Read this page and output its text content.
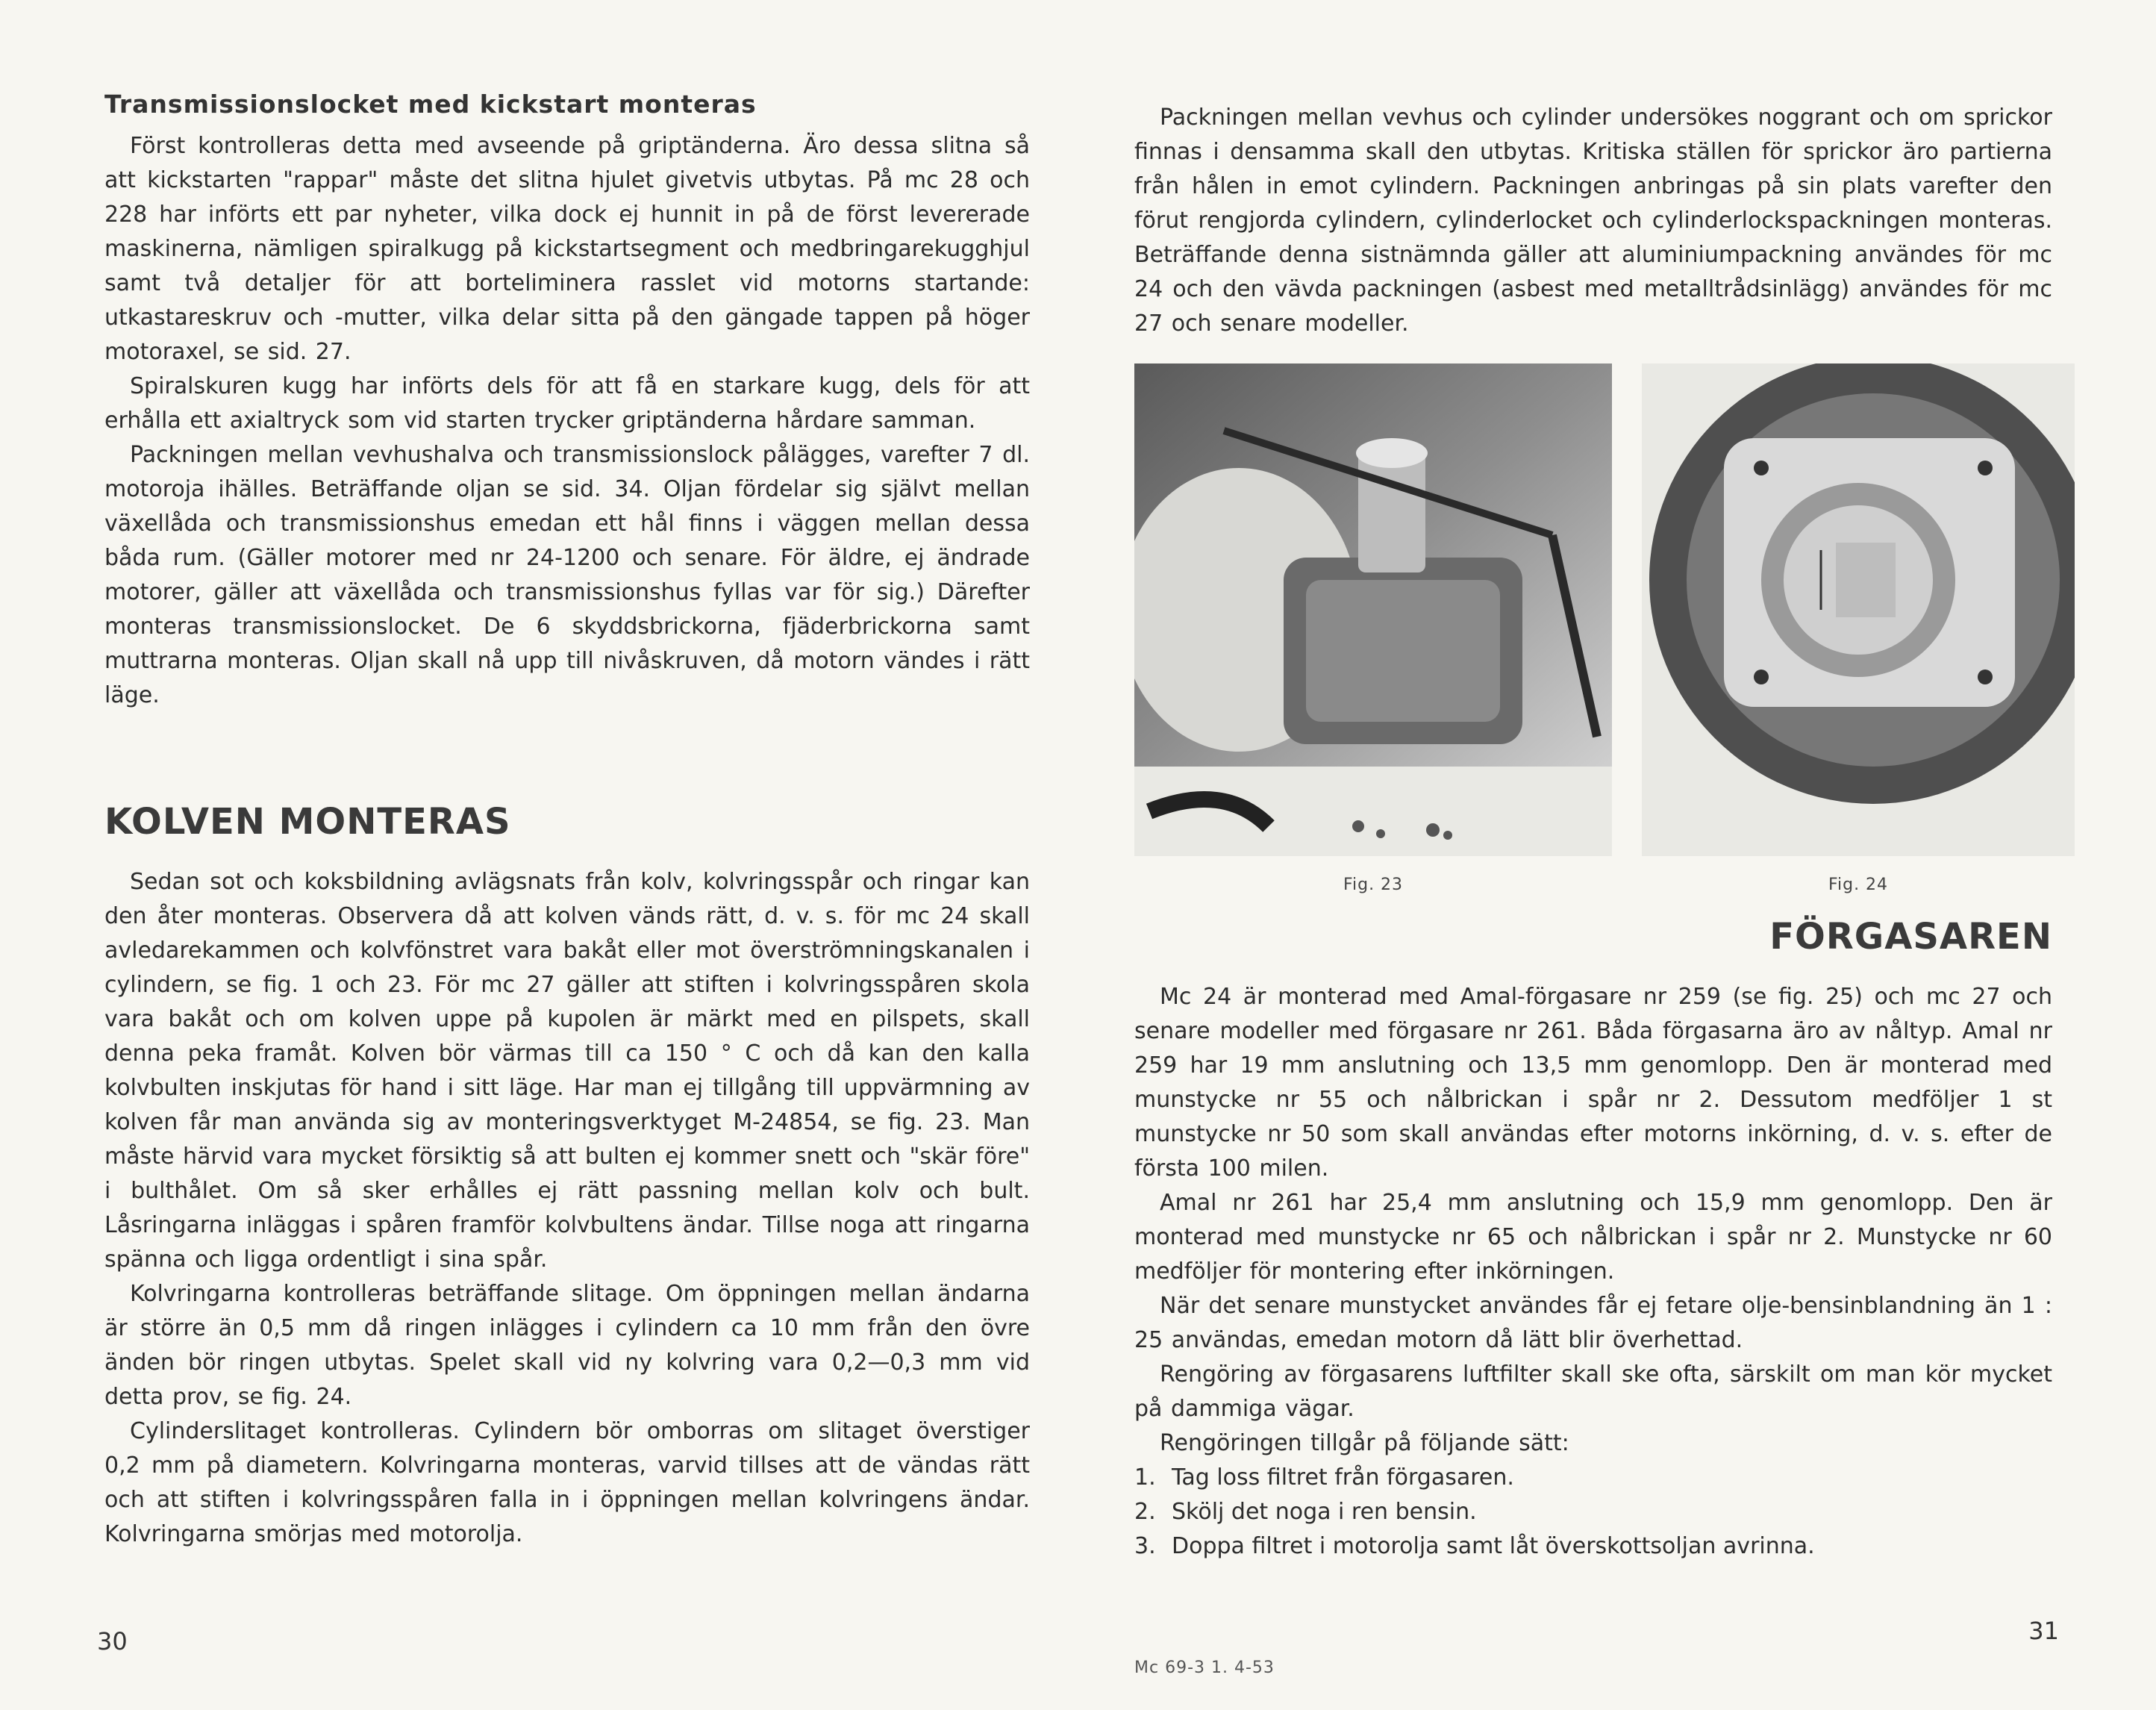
Transmissionslocket med kickstart monteras

Först kontrolleras detta med avseende på griptänderna. Äro dessa slitna så att kickstarten "rappar" måste det slitna hjulet givetvis utbytas. På mc 28 och 228 har införts ett par nyheter, vilka dock ej hunnit in på de först levererade maskinerna, nämligen spiralkugg på kickstartsegment och medbringarekugghjul samt två detaljer för att borteliminera rasslet vid motorns startande: utkastareskruv och -mutter, vilka delar sitta på den gängade tappen på höger motoraxel, se sid. 27.

Spiralskuren kugg har införts dels för att få en starkare kugg, dels för att erhålla ett axialtryck som vid starten trycker griptänderna hårdare samman.

Packningen mellan vevhushalva och transmissionslock pålägges, varefter 7 dl. motoroja ihälles. Beträffande oljan se sid. 34. Oljan fördelar sig självt mellan växellåda och transmissionshus emedan ett hål finns i väggen mellan dessa båda rum. (Gäller motorer med nr 24-1200 och senare. För äldre, ej ändrade motorer, gäller att växellåda och transmissionshus fyllas var för sig.) Därefter monteras transmissionslocket. De 6 skyddsbrickorna, fjäderbrickorna samt muttrarna monteras. Oljan skall nå upp till nivåskruven, då motorn vändes i rätt läge.

KOLVEN MONTERAS

Sedan sot och koksbildning avlägsnats från kolv, kolvringsspår och ringar kan den åter monteras. Observera då att kolven vänds rätt, d. v. s. för mc 24 skall avledarekammen och kolvfönstret vara bakåt eller mot överströmningskanalen i cylindern, se fig. 1 och 23. För mc 27 gäller att stiften i kolvringsspåren skola vara bakåt och om kolven uppe på kupolen är märkt med en pilspets, skall denna peka framåt. Kolven bör värmas till ca 150 ° C och då kan den kalla kolvbulten inskjutas för hand i sitt läge. Har man ej tillgång till uppvärmning av kolven får man använda sig av monteringsverktyget M-24854, se fig. 23. Man måste härvid vara mycket försiktig så att bulten ej kommer snett och "skär före" i bulthålet. Om så sker erhålles ej rätt passning mellan kolv och bult. Låsringarna inläggas i spåren framför kolvbultens ändar. Tillse noga att ringarna spänna och ligga ordentligt i sina spår.

Kolvringarna kontrolleras beträffande slitage. Om öppningen mellan ändarna är större än 0,5 mm då ringen inlägges i cylindern ca 10 mm från den övre änden bör ringen utbytas. Spelet skall vid ny kolvring vara 0,2—0,3 mm vid detta prov, se fig. 24.

Cylinderslitaget kontrolleras. Cylindern bör omborras om slitaget överstiger 0,2 mm på diametern. Kolvringarna monteras, varvid tillses att de vändas rätt och att stiften i kolvringsspåren falla in i öppningen mellan kolvringens ändar. Kolvringarna smörjas med motorolja.

30

Packningen mellan vevhus och cylinder undersökes noggrant och om sprickor finnas i densamma skall den utbytas. Kritiska ställen för sprickor äro partierna från hålen in emot cylindern. Packningen anbringas på sin plats varefter den förut rengjorda cylindern, cylinderlocket och cylinderlockspackningen monteras. Beträffande denna sistnämnda gäller att aluminiumpackning användes för mc 24 och den vävda packningen (asbest med metalltrådsinlägg) användes för mc 27 och senare modeller.

Fig. 23	Fig. 24
FÖRGASAREN

Mc 24 är monterad med Amal-förgasare nr 259 (se fig. 25) och mc 27 och senare modeller med förgasare nr 261. Båda förgasarna äro av nåltyp. Amal nr 259 har 19 mm anslutning och 13,5 mm genomlopp. Den är monterad med munstycke nr 55 och nålbrickan i spår nr 2. Dessutom medföljer 1 st munstycke nr 50 som skall användas efter motorns inkörning, d. v. s. efter de första 100 milen.

Amal nr 261 har 25,4 mm anslutning och 15,9 mm genomlopp. Den är monterad med munstycke nr 65 och nålbrickan i spår nr 2. Munstycke nr 60 medföljer för montering efter inkörningen.

När det senare munstycket användes får ej fetare olje-bensinblandning än 1 : 25 användas, emedan motorn då lätt blir överhettad.

Rengöring av förgasarens luftfilter skall ske ofta, särskilt om man kör mycket på dammiga vägar.

Rengöringen tillgår på följande sätt:

1. Tag loss filtret från förgasaren.
2. Skölj det noga i ren bensin.
3. Doppa filtret i motorolja samt låt överskottsoljan avrinna.
31
Mc 69-3 1. 4-53
